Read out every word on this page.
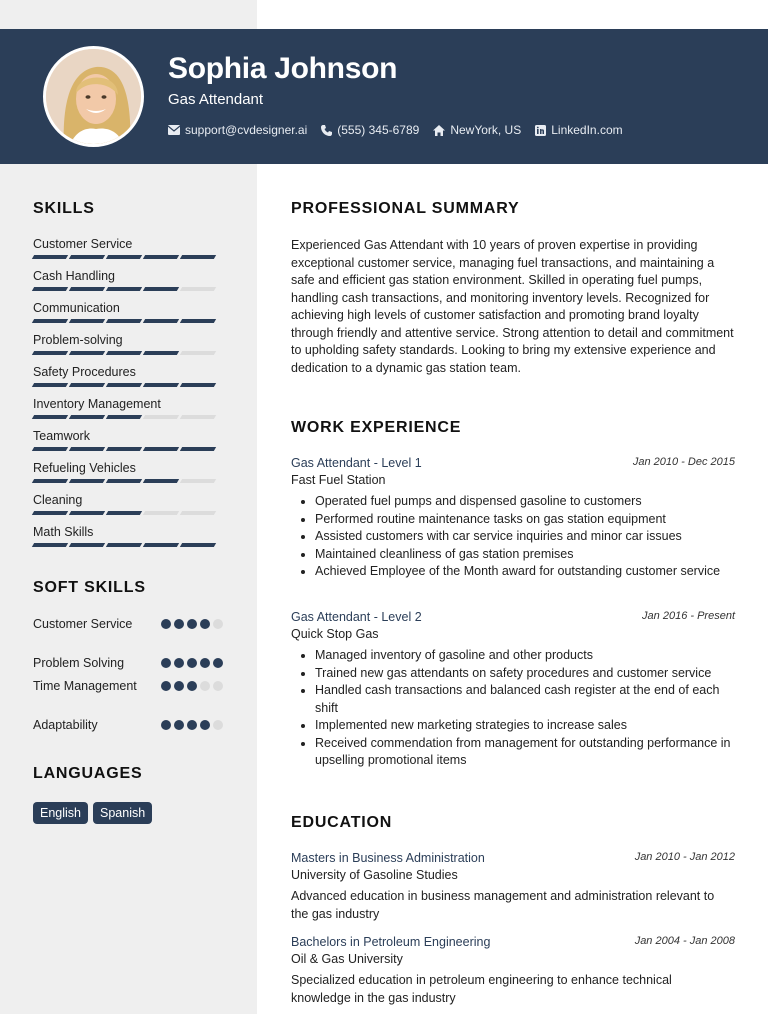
Sophia Johnson
Gas Attendant
support@cvdesigner.ai	(555) 345-6789	NewYork, US	LinkedIn.com
SKILLS
Customer Service
Cash Handling
Communication
Problem-solving
Safety Procedures
Inventory Management
Teamwork
Refueling Vehicles
Cleaning
Math Skills
SOFT SKILLS
Customer Service
Problem Solving
Time Management
Adaptability
LANGUAGES
English	Spanish
PROFESSIONAL SUMMARY

Experienced Gas Attendant with 10 years of proven expertise in providing exceptional customer service, managing fuel transactions, and maintaining a safe and efficient gas station environment. Skilled in operating fuel pumps, handling cash transactions, and monitoring inventory levels. Recognized for achieving high levels of customer satisfaction and promoting brand loyalty through friendly and attentive service. Strong attention to detail and commitment to upholding safety standards. Looking to bring my extensive experience and dedication to a dynamic gas station team.

WORK EXPERIENCE
Gas Attendant - Level 1	Jan 2010 - Dec 2015
Fast Fuel Station
Operated fuel pumps and dispensed gasoline to customers
Performed routine maintenance tasks on gas station equipment
Assisted customers with car service inquiries and minor car issues
Maintained cleanliness of gas station premises
Achieved Employee of the Month award for outstanding customer service
Gas Attendant - Level 2	Jan 2016 - Present
Quick Stop Gas
Managed inventory of gasoline and other products
Trained new gas attendants on safety procedures and customer service
Handled cash transactions and balanced cash register at the end of each shift
Implemented new marketing strategies to increase sales
Received commendation from management for outstanding performance in upselling promotional items
EDUCATION
Masters in Business Administration	Jan 2010 - Jan 2012
University of Gasoline Studies

Advanced education in business management and administration relevant to the gas industry

Bachelors in Petroleum Engineering	Jan 2004 - Jan 2008
Oil & Gas University

Specialized education in petroleum engineering to enhance technical knowledge in the gas industry
